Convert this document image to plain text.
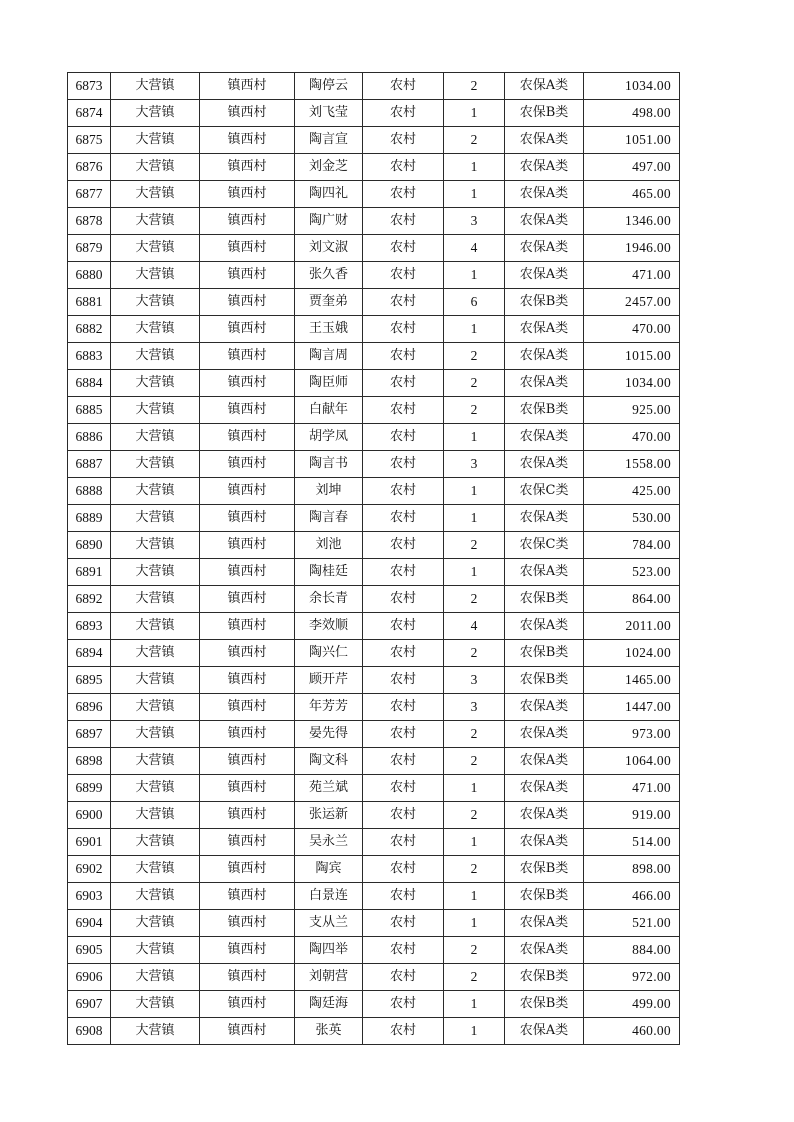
6873	大营镇	镇西村	陶停云	农村	2	农保A类	1034.00
6874	大营镇	镇西村	刘飞莹	农村	1	农保B类	498.00
6875	大营镇	镇西村	陶言宣	农村	2	农保A类	1051.00
6876	大营镇	镇西村	刘金芝	农村	1	农保A类	497.00
6877	大营镇	镇西村	陶四礼	农村	1	农保A类	465.00
6878	大营镇	镇西村	陶广财	农村	3	农保A类	1346.00
6879	大营镇	镇西村	刘文淑	农村	4	农保A类	1946.00
6880	大营镇	镇西村	张久香	农村	1	农保A类	471.00
6881	大营镇	镇西村	贾奎弟	农村	6	农保B类	2457.00
6882	大营镇	镇西村	王玉娥	农村	1	农保A类	470.00
6883	大营镇	镇西村	陶言周	农村	2	农保A类	1015.00
6884	大营镇	镇西村	陶臣师	农村	2	农保A类	1034.00
6885	大营镇	镇西村	白献年	农村	2	农保B类	925.00
6886	大营镇	镇西村	胡学凤	农村	1	农保A类	470.00
6887	大营镇	镇西村	陶言书	农村	3	农保A类	1558.00
6888	大营镇	镇西村	刘坤	农村	1	农保C类	425.00
6889	大营镇	镇西村	陶言春	农村	1	农保A类	530.00
6890	大营镇	镇西村	刘池	农村	2	农保C类	784.00
6891	大营镇	镇西村	陶桂廷	农村	1	农保A类	523.00
6892	大营镇	镇西村	余长青	农村	2	农保B类	864.00
6893	大营镇	镇西村	李效顺	农村	4	农保A类	2011.00
6894	大营镇	镇西村	陶兴仁	农村	2	农保B类	1024.00
6895	大营镇	镇西村	顾开芹	农村	3	农保B类	1465.00
6896	大营镇	镇西村	年芳芳	农村	3	农保A类	1447.00
6897	大营镇	镇西村	晏先得	农村	2	农保A类	973.00
6898	大营镇	镇西村	陶文科	农村	2	农保A类	1064.00
6899	大营镇	镇西村	苑兰斌	农村	1	农保A类	471.00
6900	大营镇	镇西村	张运新	农村	2	农保A类	919.00
6901	大营镇	镇西村	吴永兰	农村	1	农保A类	514.00
6902	大营镇	镇西村	陶宾	农村	2	农保B类	898.00
6903	大营镇	镇西村	白景连	农村	1	农保B类	466.00
6904	大营镇	镇西村	支从兰	农村	1	农保A类	521.00
6905	大营镇	镇西村	陶四举	农村	2	农保A类	884.00
6906	大营镇	镇西村	刘朝营	农村	2	农保B类	972.00
6907	大营镇	镇西村	陶廷海	农村	1	农保B类	499.00
6908	大营镇	镇西村	张英	农村	1	农保A类	460.00
